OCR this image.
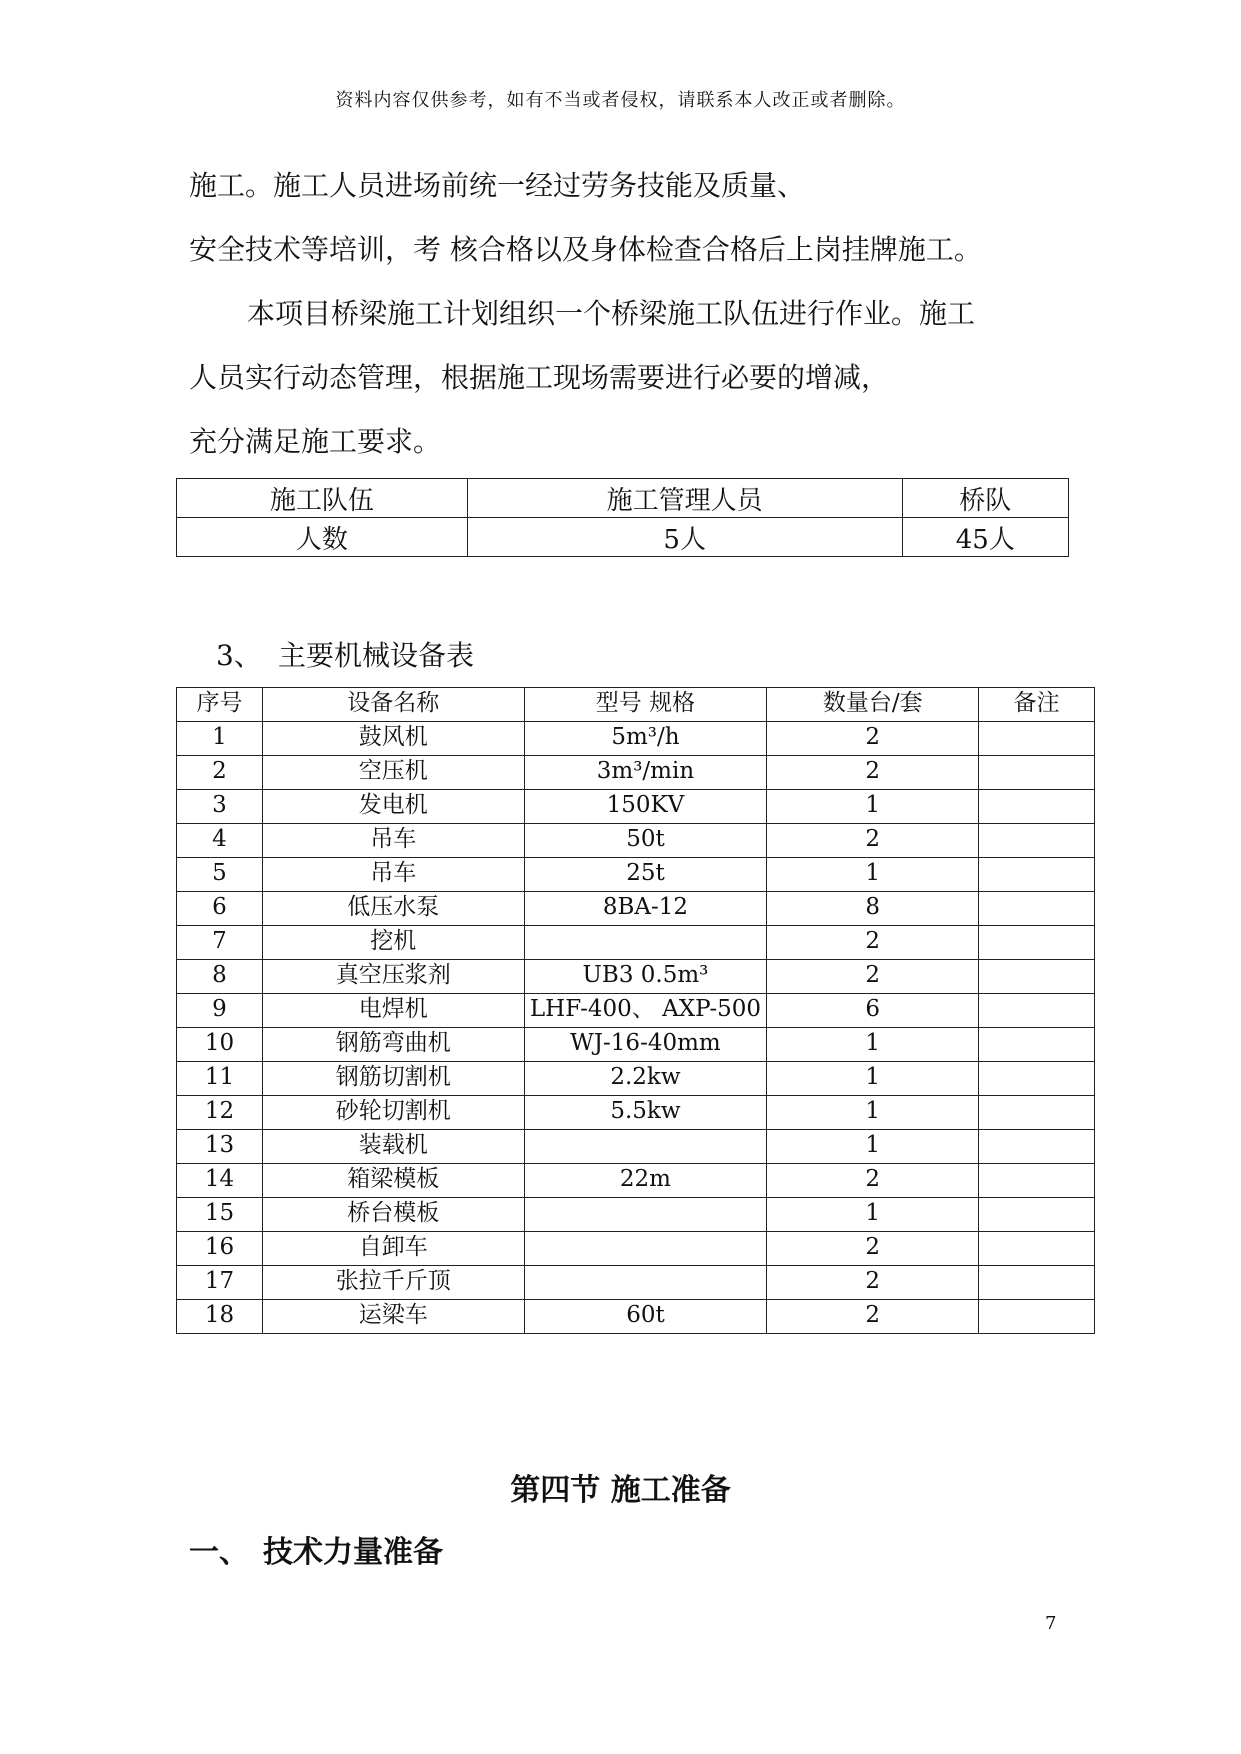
资料内容仅供参考，如有不当或者侵权，请联系本人改正或者删除。
施工。施工人员进场前统一经过劳务技能及质量、
安全技术等培训，考 核合格以及身体检查合格后上岗挂牌施工。
本项目桥梁施工计划组织一个桥梁施工队伍进行作业。施工
人员实行动态管理，根据施工现场需要进行必要的增减，
充分满足施工要求。
施工队伍	施工管理人员	桥队
人数	5人	45人
3、 主要机械设备表
序号	设备名称	型号 规格	数量台/套	备注
1	鼓风机	5m³/h	2	
2	空压机	3m³/min	2	
3	发电机	150KV	1	
4	吊车	50t	2	
5	吊车	25t	1	
6	低压水泵	8BA-12	8	
7	挖机		2	
8	真空压浆剂	UB3 0.5m³	2	
9	电焊机	LHF-400、 AXP-500	6	
10	钢筋弯曲机	WJ-16-40mm	1	
11	钢筋切割机	2.2kw	1	
12	砂轮切割机	5.5kw	1	
13	装载机		1	
14	箱梁模板	22m	2	
15	桥台模板		1	
16	自卸车		2	
17	张拉千斤顶		2	
18	运梁车	60t	2	
第四节 施工准备
一、 技术力量准备
7
